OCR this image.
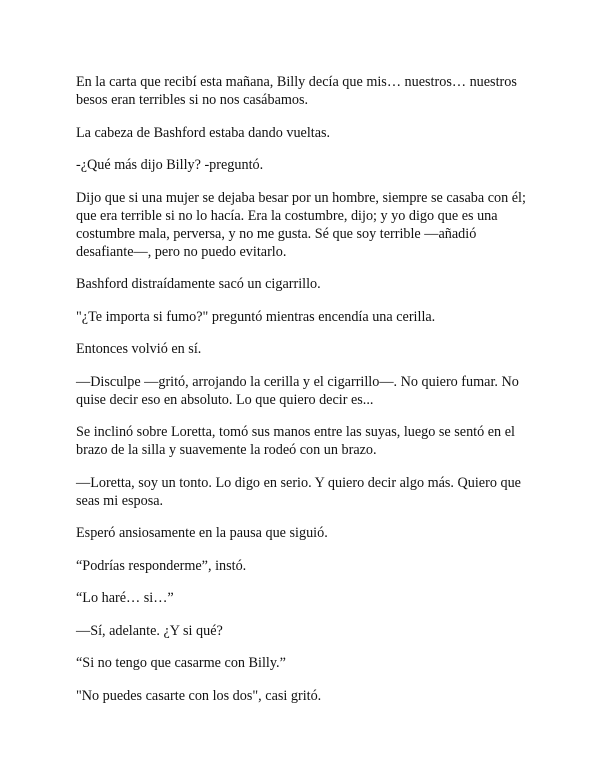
En la carta que recibí esta mañana, Billy decía que mis… nuestros… nuestros besos eran terribles si no nos casábamos.

La cabeza de Bashford estaba dando vueltas.

-¿Qué más dijo Billy? -preguntó.

Dijo que si una mujer se dejaba besar por un hombre, siempre se casaba con él; que era terrible si no lo hacía. Era la costumbre, dijo; y yo digo que es una costumbre mala, perversa, y no me gusta. Sé que soy terrible —añadió desafiante—, pero no puedo evitarlo.

Bashford distraídamente sacó un cigarrillo.

"¿Te importa si fumo?" preguntó mientras encendía una cerilla.

Entonces volvió en sí.

—Disculpe —gritó, arrojando la cerilla y el cigarrillo—. No quiero fumar. No quise decir eso en absoluto. Lo que quiero decir es...

Se inclinó sobre Loretta, tomó sus manos entre las suyas, luego se sentó en el brazo de la silla y suavemente la rodeó con un brazo.

—Loretta, soy un tonto. Lo digo en serio. Y quiero decir algo más. Quiero que seas mi esposa.

Esperó ansiosamente en la pausa que siguió.

“Podrías responderme”, instó.

“Lo haré… si…”

—Sí, adelante. ¿Y si qué?

“Si no tengo que casarme con Billy.”

"No puedes casarte con los dos", casi gritó.
